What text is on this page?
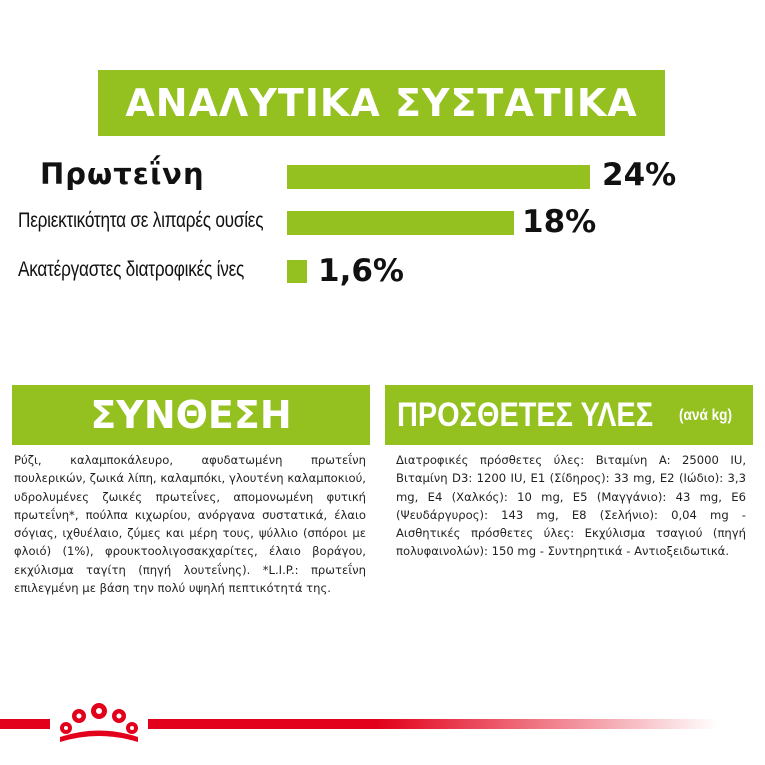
ΑΝΑΛΥΤΙΚΑ ΣΥΣΤΑΤΙΚΑ
Πρωτεΐνη	24%
Περιεκτικότητα σε λιπαρές ουσίες	18%
Ακατέργαστες διατροφικές ίνες 1,6%
ΣΥΝΘΕΣΗ
Ρύζι, καλαμποκάλευρο, αφυδατωμένη πρωτεΐνη πουλερικών, ζωικά λίπη, καλαμπόκι, γλουτένη καλαμποκιού, υδρολυμένες ζωικές πρωτεΐνες, απομονωμένη φυτική πρωτεΐνη*, πούλπα κιχωρίου, ανόργανα συστατικά, έλαιο σόγιας, ιχθυέλαιο, ζύμες και μέρη τους, ψύλλιο (σπόροι με φλοιό) (1%), φρουκτοολιγοσακχαρίτες, έλαιο βοράγου, εκχύλισμα ταγίτη (πηγή λουτεΐνης). *L.I.P.: πρωτεΐνη επιλεγμένη με βάση την πολύ υψηλή πεπτικότητά της.
ΠΡΟΣΘΕΤΕΣ ΥΛΕΣ (ανά kg)
Διατροφικές πρόσθετες ύλες: Βιταμίνη A: 25000 IU, Βιταμίνη D3: 1200 IU, E1 (Σίδηρος): 33 mg, E2 (Ιώδιο): 3,3 mg, E4 (Χαλκός): 10 mg, E5 (Μαγγάνιο): 43 mg, E6 (Ψευδάργυρος): 143 mg, E8 (Σελήνιο): 0,04 mg - Αισθητικές πρόσθετες ύλες: Εκχύλισμα τσαγιού (πηγή πολυφαινολών): 150 mg - Συντηρητικά - Αντιοξειδωτικά.
